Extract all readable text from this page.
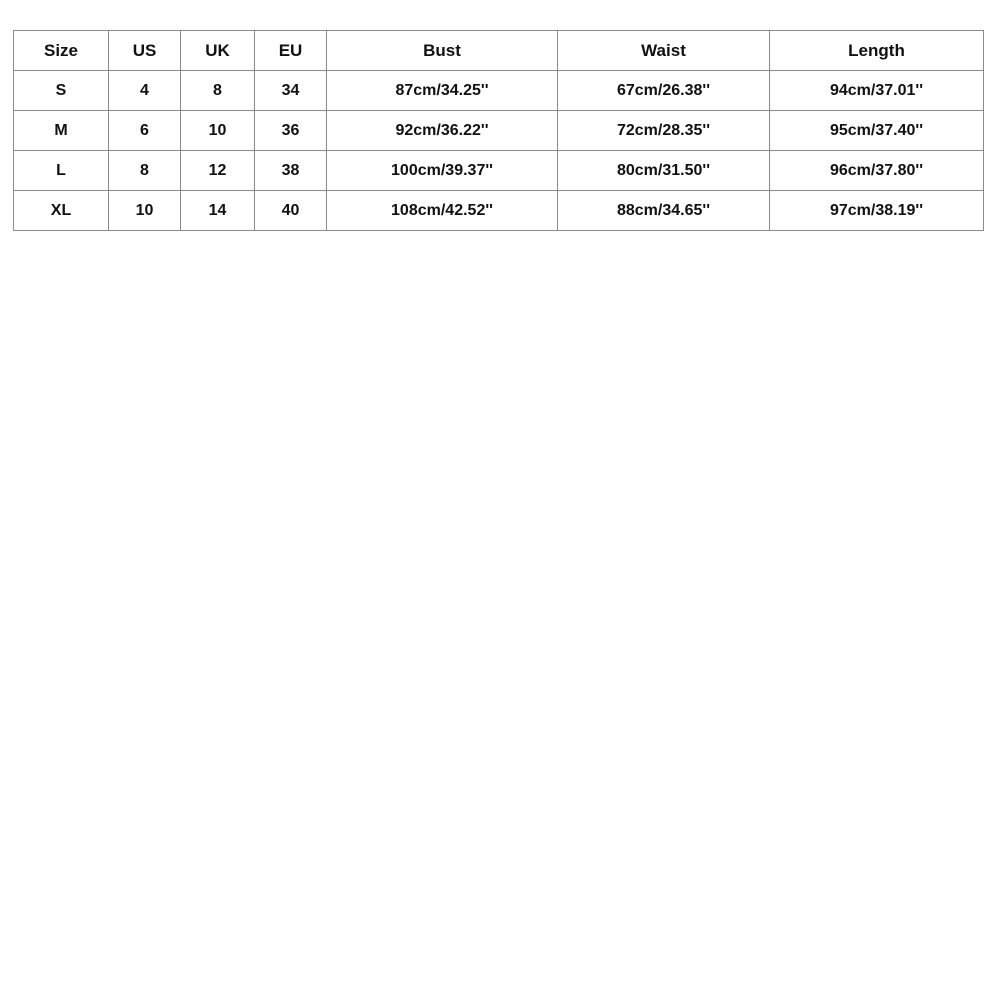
Size	US	UK	EU	Bust	Waist	Length
S	4	8	34	87cm/34.25''	67cm/26.38''	94cm/37.01''
M	6	10	36	92cm/36.22''	72cm/28.35''	95cm/37.40''
L	8	12	38	100cm/39.37''	80cm/31.50''	96cm/37.80''
XL	10	14	40	108cm/42.52''	88cm/34.65''	97cm/38.19''
